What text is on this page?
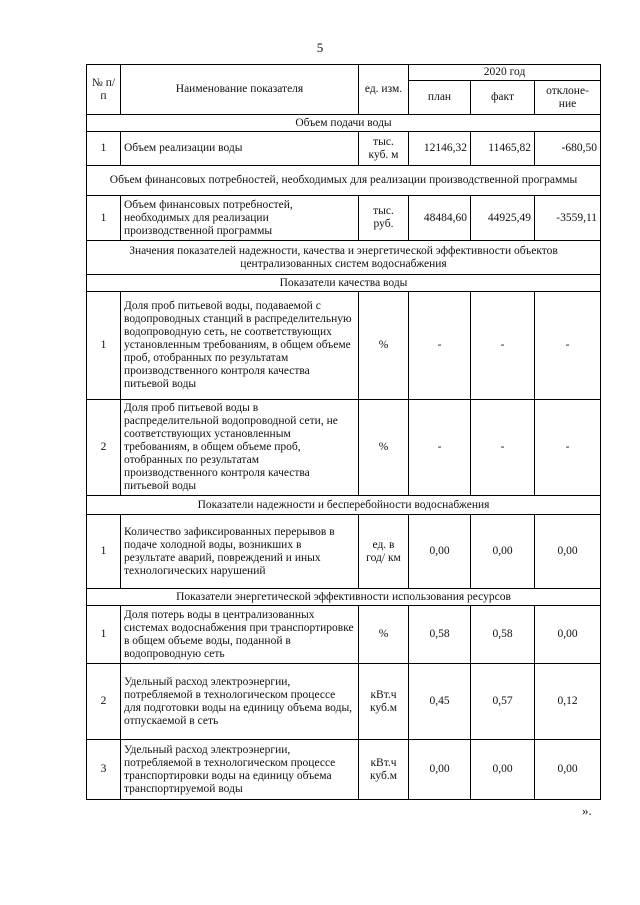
5
№ п/п	Наименование показателя	ед. изм.	2020 год		
			план	факт	отклоне-ние
Объем подачи воды					
1	Объем реализации воды	тыс. куб. м	12146,32	11465,82	-680,50
Объем финансовых потребностей, необходимых для реализации производственной программы					
1	Объем финансовых потребностей, необходимых для реализации производственной программы	тыс. руб.	48484,60	44925,49	-3559,11
Значения показателей надежности, качества и энергетической эффективности объектов централизованных систем водоснабжения					
Показатели качества воды					
1	Доля проб питьевой воды, подаваемой с водопроводных станций в распределительную водопроводную сеть, не соответствующих установленным требованиям, в общем объеме проб, отобранных по результатам производственного контроля качества питьевой воды	%	-	-	-
2	Доля проб питьевой воды в распределительной водопроводной сети, не соответствующих установленным требованиям, в общем объеме проб, отобранных по результатам производственного контроля качества питьевой воды	%	-	-	-
Показатели надежности и бесперебойности водоснабжения					
1	Количество зафиксированных перерывов в подаче холодной воды, возникших в результате аварий, повреждений и иных технологических нарушений	ед. в год/ км	0,00	0,00	0,00
Показатели энергетической эффективности использования ресурсов					
1	Доля потерь воды в централизованных системах водоснабжения при транспортировке в общем объеме воды, поданной в водопроводную сеть	%	0,58	0,58	0,00
2	Удельный расход электроэнергии, потребляемой в технологическом процессе для подготовки воды на единицу объема воды, отпускаемой в сеть	кВт.ч куб.м	0,45	0,57	0,12
3	Удельный расход электроэнергии, потребляемой в технологическом процессе транспортировки воды на единицу объема транспортируемой воды	кВт.ч куб.м	0,00	0,00	0,00
».
